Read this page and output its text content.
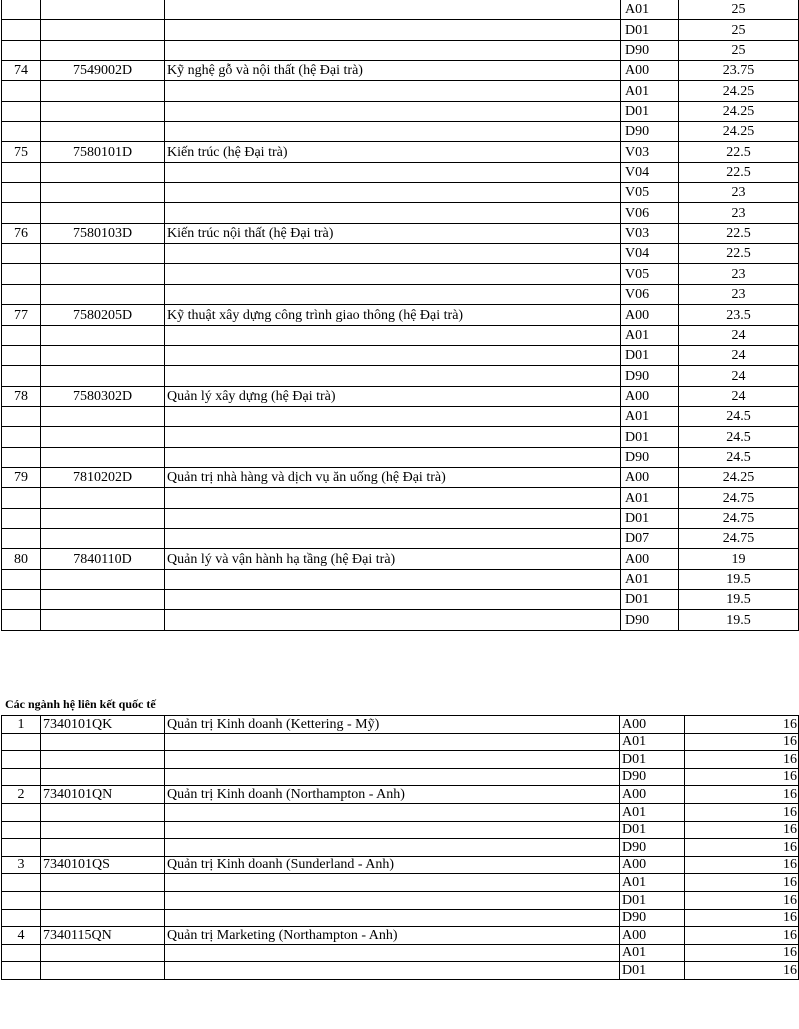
			A01	25
			D01	25
			D90	25
74	7549002D	Kỹ nghệ gỗ và nội thất (hệ Đại trà)	A00	23.75
			A01	24.25
			D01	24.25
			D90	24.25
75	7580101D	Kiến trúc (hệ Đại trà)	V03	22.5
			V04	22.5
			V05	23
			V06	23
76	7580103D	Kiến trúc nội thất (hệ Đại trà)	V03	22.5
			V04	22.5
			V05	23
			V06	23
77	7580205D	Kỹ thuật xây dựng công trình giao thông (hệ Đại trà)	A00	23.5
			A01	24
			D01	24
			D90	24
78	7580302D	Quản lý xây dựng (hệ Đại trà)	A00	24
			A01	24.5
			D01	24.5
			D90	24.5
79	7810202D	Quản trị nhà hàng và dịch vụ ăn uống (hệ Đại trà)	A00	24.25
			A01	24.75
			D01	24.75
			D07	24.75
80	7840110D	Quản lý và vận hành hạ tầng (hệ Đại trà)	A00	19
			A01	19.5
			D01	19.5
			D90	19.5
Các ngành hệ liên kết quốc tế
1	7340101QK	Quản trị Kinh doanh (Kettering - Mỹ)	A00	16
			A01	16
			D01	16
			D90	16
2	7340101QN	Quản trị Kinh doanh (Northampton - Anh)	A00	16
			A01	16
			D01	16
			D90	16
3	7340101QS	Quản trị Kinh doanh (Sunderland - Anh)	A00	16
			A01	16
			D01	16
			D90	16
4	7340115QN	Quản trị Marketing (Northampton - Anh)	A00	16
			A01	16
			D01	16
